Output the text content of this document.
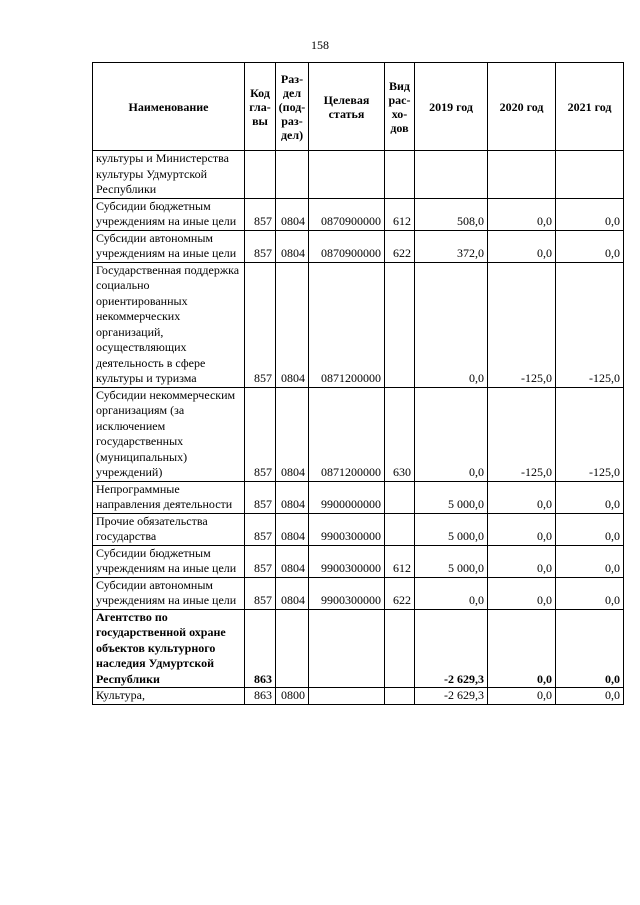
158
Наименование	Код гла- вы	Раз- дел (под- раз- дел)	Целевая статья	Вид рас- хо- дов	2019 год	2020 год	2021 год
культуры и Министерства культуры Удмуртской Республики							
Субсидии бюджетным учреждениям на иные цели	857	0804	0870900000	612	508,0	0,0	0,0
Субсидии автономным учреждениям на иные цели	857	0804	0870900000	622	372,0	0,0	0,0
Государственная поддержка социально ориентированных некоммерческих организаций, осуществляющих деятельность в сфере культуры и туризма	857	0804	0871200000		0,0	-125,0	-125,0
Субсидии некоммерческим организациям (за исключением государственных (муниципальных) учреждений)	857	0804	0871200000	630	0,0	-125,0	-125,0
Непрограммные направления деятельности	857	0804	9900000000		5 000,0	0,0	0,0
Прочие обязательства государства	857	0804	9900300000		5 000,0	0,0	0,0
Субсидии бюджетным учреждениям на иные цели	857	0804	9900300000	612	5 000,0	0,0	0,0
Субсидии автономным учреждениям на иные цели	857	0804	9900300000	622	0,0	0,0	0,0
Агентство по государственной охране объектов культурного наследия Удмуртской Республики	863				-2 629,3	0,0	0,0
Культура,	863	0800			-2 629,3	0,0	0,0
